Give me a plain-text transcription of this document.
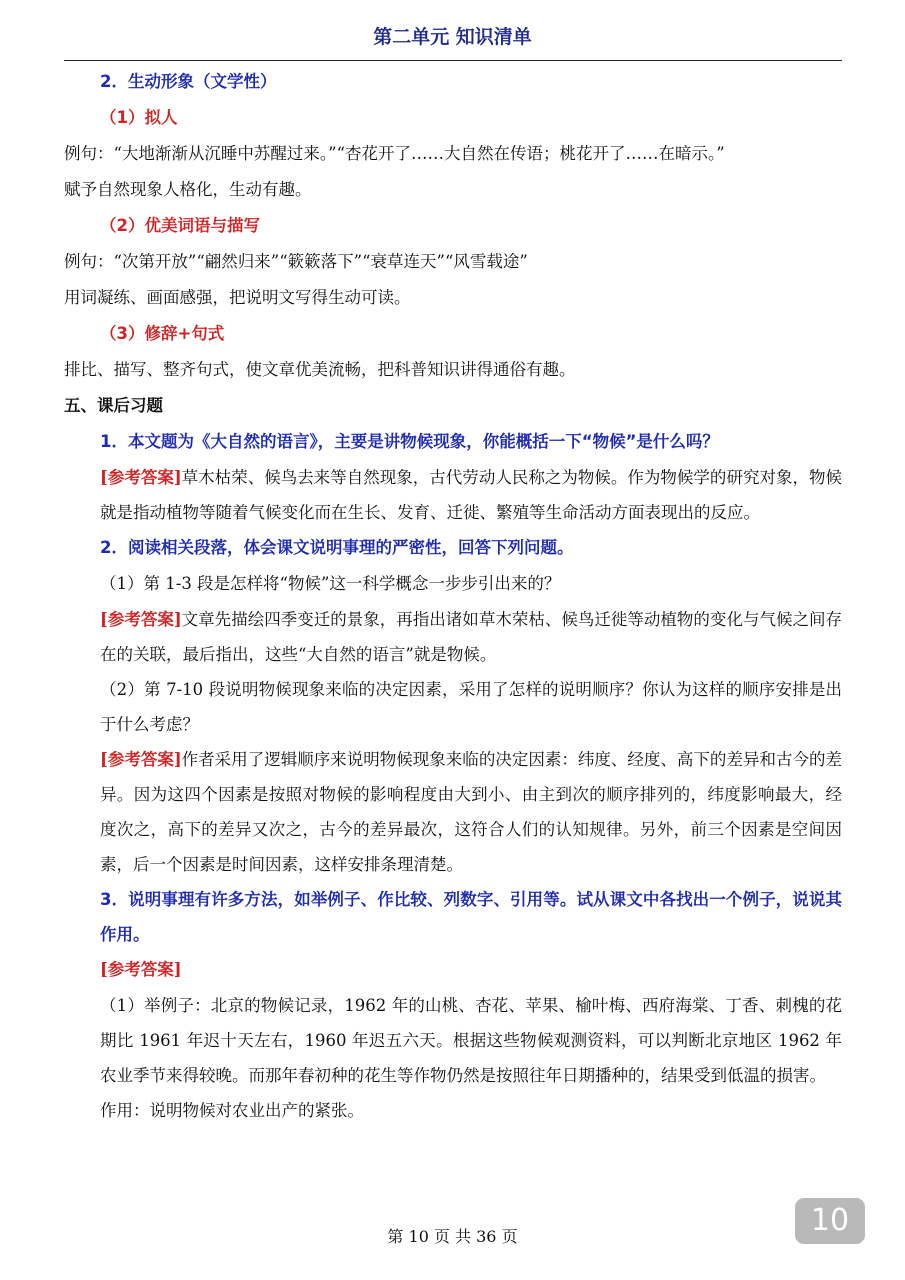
第二单元 知识清单
2．生动形象（文学性）
（1）拟人
例句：“大地渐渐从沉睡中苏醒过来。”“杏花开了……大自然在传语；桃花开了……在暗示。”
赋予自然现象人格化，生动有趣。
（2）优美词语与描写
例句：“次第开放”“翩然归来”“簌簌落下”“衰草连天”“风雪载途”
用词凝练、画面感强，把说明文写得生动可读。
（3）修辞+句式
排比、描写、整齐句式，使文章优美流畅，把科普知识讲得通俗有趣。
五、课后习题
1．本文题为《大自然的语言》，主要是讲物候现象，你能概括一下“物候”是什么吗？
[参考答案]草木枯荣、候鸟去来等自然现象，古代劳动人民称之为物候。作为物候学的研究对象，物候就是指动植物等随着气候变化而在生长、发育、迁徙、繁殖等生命活动方面表现出的反应。
2．阅读相关段落，体会课文说明事理的严密性，回答下列问题。
（1）第 1-3 段是怎样将“物候”这一科学概念一步步引出来的？
[参考答案]文章先描绘四季变迁的景象，再指出诸如草木荣枯、候鸟迁徙等动植物的变化与气候之间存在的关联，最后指出，这些“大自然的语言”就是物候。
（2）第 7-10 段说明物候现象来临的决定因素，采用了怎样的说明顺序？你认为这样的顺序安排是出于什么考虑？
[参考答案]作者采用了逻辑顺序来说明物候现象来临的决定因素：纬度、经度、高下的差异和古今的差异。因为这四个因素是按照对物候的影响程度由大到小、由主到次的顺序排列的，纬度影响最大，经度次之，高下的差异又次之，古今的差异最次，这符合人们的认知规律。另外，前三个因素是空间因素，后一个因素是时间因素，这样安排条理清楚。
3．说明事理有许多方法，如举例子、作比较、列数字、引用等。试从课文中各找出一个例子，说说其作用。
[参考答案]
（1）举例子：北京的物候记录，1962 年的山桃、杏花、苹果、榆叶梅、西府海棠、丁香、刺槐的花期比 1961 年迟十天左右，1960 年迟五六天。根据这些物候观测资料，可以判断北京地区 1962 年农业季节来得较晚。而那年春初种的花生等作物仍然是按照往年日期播种的，结果受到低温的损害。
作用：说明物候对农业出产的紧张。
第 10 页 共 36 页	10
